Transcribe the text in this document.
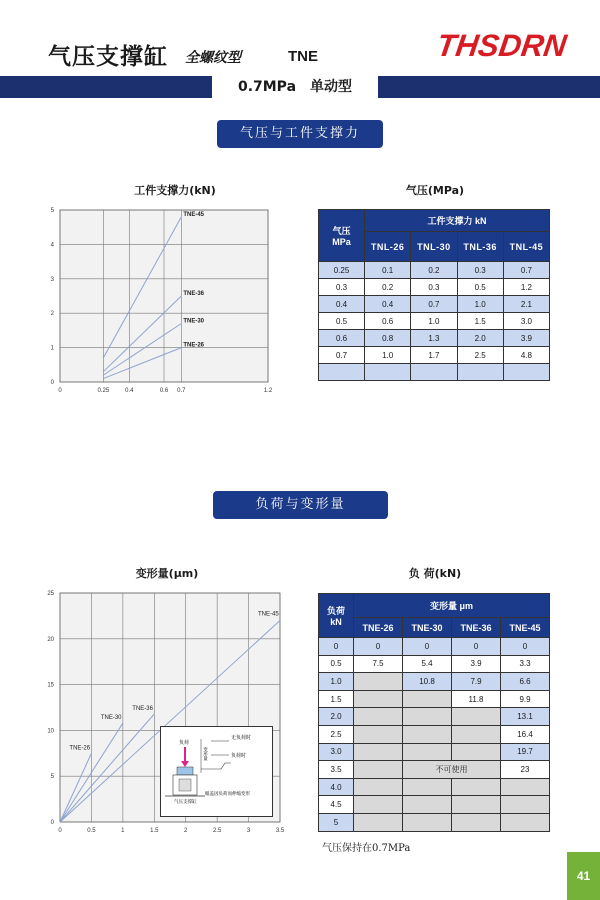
气压支撑缸 全螺纹型	TNE	THSDRN
0.7MPa　单动型
气压与工件支撑力
工件支撑力(kN)	气压(MPa)
0	0.25	0.4	0.6 0.7	1.2
0
1
2
3
4
5
TNE-45
TNE-36
TNE-30
TNE-26
气压
MPa	工件支撑力 kN			
	TNL-26	TNL-30	TNL-36	TNL-45
0.25	0.1	0.2	0.3	0.7
0.3	0.2	0.3	0.5	1.2
0.4	0.4	0.7	1.0	2.1
0.5	0.6	1.0	1.5	3.0
0.6	0.8	1.3	2.0	3.9
0.7	1.0	1.7	2.5	4.8

负荷与变形量
变形量(μm)	负 荷(kN)
0	0.5	1	1.5	2	2.5	3	3.5
0
5
10
15
20
25
TNE-45
TNE-36
TNE-30
TNE-26
负荷
气压支撑缸
变形量
无负荷时
负荷时
幅盖因负荷而伸缩变形
负荷
kN	变形量 μm			
	TNE-26	TNE-30	TNE-36	TNE-45
0	0	0	0	0
0.5	7.5	5.4	3.9	3.3
1.0		10.8	7.9	6.6
1.5			11.8	9.9
2.0				13.1
2.5				16.4
3.0				19.7
3.5		不可使用		23
4.0				
4.5				
5				
气压保持在0.7MPa
41
